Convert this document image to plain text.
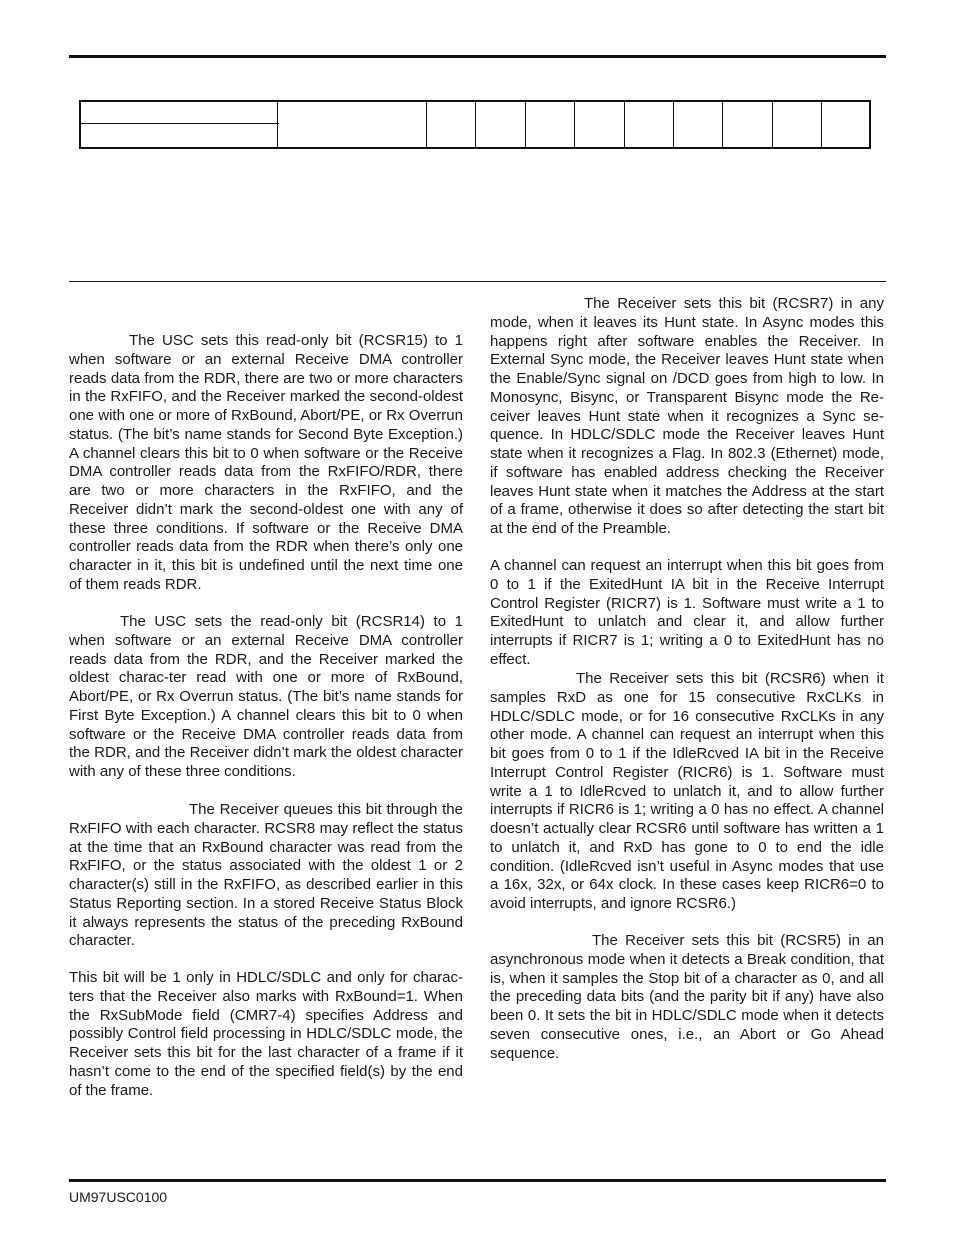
The USC sets this read-only bit (RCSR15) to 1 when software or an external Receive DMA controller reads data from the RDR, there are two or more characters in the RxFIFO, and the Receiver marked the second-oldest one with one or more of RxBound, Abort/PE, or Rx Overrun status. (The bit’s name stands for Second Byte Exception.) A channel clears this bit to 0 when software or the Receive DMA controller reads data from the RxFIFO/RDR, there are two or more characters in the RxFIFO, and the Receiver didn’t mark the second-oldest one with any of these three conditions. If software or the Receive DMA controller reads data from the RDR when there’s only one character in it, this bit is undefined until the next time one of them reads RDR.

The USC sets the read-only bit (RCSR14) to 1 when software or an external Receive DMA controller reads data from the RDR, and the Receiver marked the oldest charac-ter read with one or more of RxBound, Abort/PE, or Rx Overrun status. (The bit’s name stands for First Byte Exception.) A channel clears this bit to 0 when software or the Receive DMA controller reads data from the RDR, and the Receiver didn’t mark the oldest character with any of these three conditions.

The Receiver queues this bit through the RxFIFO with each character. RCSR8 may reflect the status at the time that an RxBound character was read from the RxFIFO, or the status associated with the oldest 1 or 2 character(s) still in the RxFIFO, as described earlier in this Status Reporting section. In a stored Receive Status Block it always represents the status of the preceding RxBound character.

This bit will be 1 only in HDLC/SDLC and only for charac-ters that the Receiver also marks with RxBound=1. When the RxSubMode field (CMR7-4) specifies Address and possibly Control field processing in HDLC/SDLC mode, the Receiver sets this bit for the last character of a frame if it hasn’t come to the end of the specified field(s) by the end of the frame.

The Receiver sets this bit (RCSR7) in any mode, when it leaves its Hunt state. In Async modes this happens right after software enables the Receiver. In External Sync mode, the Receiver leaves Hunt state when the Enable/Sync signal on /DCD goes from high to low. In Monosync, Bisync, or Transparent Bisync mode the Re-ceiver leaves Hunt state when it recognizes a Sync se-quence. In HDLC/SDLC mode the Receiver leaves Hunt state when it recognizes a Flag. In 802.3 (Ethernet) mode, if software has enabled address checking the Receiver leaves Hunt state when it matches the Address at the start of a frame, otherwise it does so after detecting the start bit at the end of the Preamble.

A channel can request an interrupt when this bit goes from 0 to 1 if the ExitedHunt IA bit in the Receive Interrupt Control Register (RICR7) is 1. Software must write a 1 to ExitedHunt to unlatch and clear it, and allow further interrupts if RICR7 is 1; writing a 0 to ExitedHunt has no effect.

The Receiver sets this bit (RCSR6) when it samples RxD as one for 15 consecutive RxCLKs in HDLC/SDLC mode, or for 16 consecutive RxCLKs in any other mode. A channel can request an interrupt when this bit goes from 0 to 1 if the IdleRcved IA bit in the Receive Interrupt Control Register (RICR6) is 1. Software must write a 1 to IdleRcved to unlatch it, and to allow further interrupts if RICR6 is 1; writing a 0 has no effect. A channel doesn’t actually clear RCSR6 until software has written a 1 to unlatch it, and RxD has gone to 0 to end the idle condition. (IdleRcved isn’t useful in Async modes that use a 16x, 32x, or 64x clock. In these cases keep RICR6=0 to avoid interrupts, and ignore RCSR6.)

The Receiver sets this bit (RCSR5) in an asynchronous mode when it detects a Break condition, that is, when it samples the Stop bit of a character as 0, and all the preceding data bits (and the parity bit if any) have also been 0. It sets the bit in HDLC/SDLC mode when it detects seven consecutive ones, i.e., an Abort or Go Ahead sequence.

UM97USC0100
